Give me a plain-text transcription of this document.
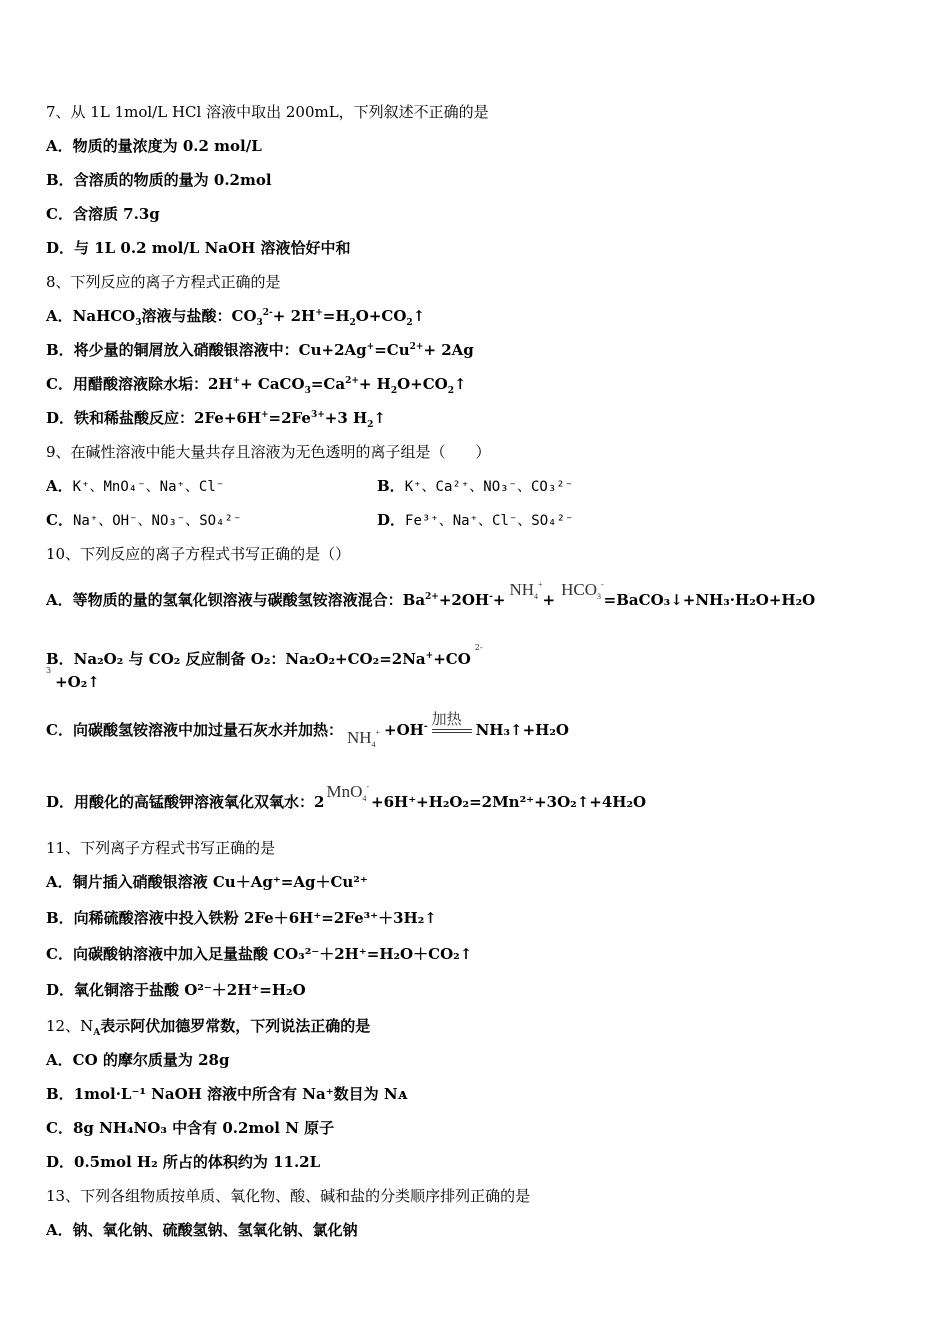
7、从 1L 1mol/L HCl 溶液中取出 200mL，下列叙述不正确的是
A．物质的量浓度为 0.2 mol/L
B．含溶质的物质的量为 0.2mol
C．含溶质 7.3g
D．与 1L 0.2 mol/L NaOH 溶液恰好中和
8、下列反应的离子方程式正确的是
A．NaHCO$_3$溶液与盐酸：$CO_3^{2-}+$ $2H^+=H_2O+CO_2↑$
B．将少量的铜屑放入硝酸银溶液中：$Cu+2Ag^+=Cu^{2+}+ 2Ag$
C．用醋酸溶液除水垢：$2H^++ CaCO_3=Ca^{2+}+$ $H_2O+CO_2↑$
D．铁和稀盐酸反应：$2Fe+6H^+=2Fe^{3+}+3$ $H_2↑$
9、在碱性溶液中能大量共存且溶液为无色透明的离子组是（　　）
A．K⁺、MnO₄⁻、Na⁺、Cl⁻	B．K⁺、Ca²⁺、NO₃⁻、CO₃²⁻
C．Na⁺、OH⁻、NO₃⁻、SO₄²⁻	D．Fe³⁺、Na⁺、Cl⁻、SO₄²⁻
10、下列反应的离子方程式书写正确的是（）
A．等物质的量的氢氧化钡溶液与碳酸氢铵溶液混合：$Ba^{2+}+2OH^-+NH_4^++HCO_3^-=BaCO_3↓+NH_3\cdot H_2O+H_2O$
B．Na₂O₂ 与 CO₂ 反应制备 O₂：$Na_2O_2+CO_2=2Na^++CO^{2- 3}+O_2↑$
C．向碳酸氢铵溶液中加过量石灰水并加热： $NH_4^+ +OH^-$ 加热
NH₃↑+H₂O
D．用酸化的高锰酸钾溶液氧化双氧水：2MnO$_4$-+6H⁺+H₂O₂=2Mn²⁺+3O₂↑+4H₂O
11、下列离子方程式书写正确的是
A．铜片插入硝酸银溶液 Cu＋Ag⁺=Ag＋Cu²⁺
B．向稀硫酸溶液中投入铁粉 2Fe＋6H⁺=2Fe³⁺＋3H₂↑
C．向碳酸钠溶液中加入足量盐酸 CO₃²⁻＋2H⁺=H₂O＋CO₂↑
D．氧化铜溶于盐酸 O²⁻＋2H⁺=H₂O
12、$N_A$表示阿伏加德罗常数，下列说法正确的是
A．CO 的摩尔质量为 28g
B．1mol·L⁻¹ NaOH 溶液中所含有 Na⁺数目为 Nᴀ
C．8g NH₄NO₃ 中含有 0.2mol N 原子
D．0.5mol H₂ 所占的体积约为 11.2L
13、下列各组物质按单质、氧化物、酸、碱和盐的分类顺序排列正确的是
A．钠、氧化钠、硫酸氢钠、氢氧化钠、氯化钠
